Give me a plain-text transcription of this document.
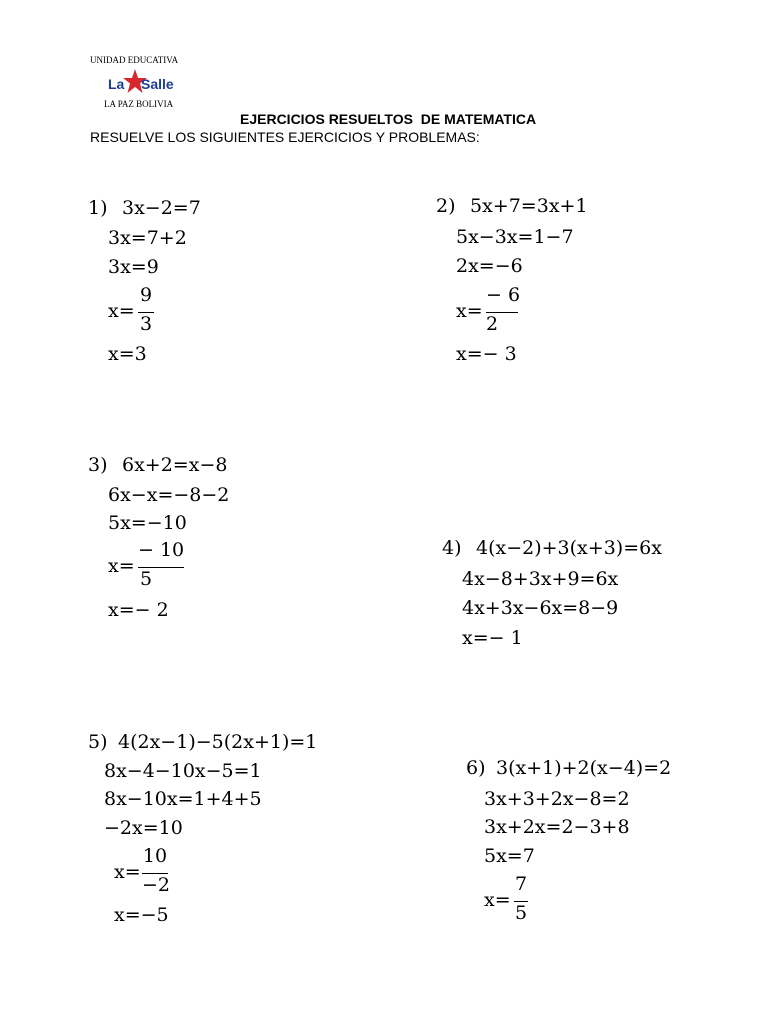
UNIDAD EDUCATIVA
La Salle
LA PAZ BOLIVIA
EJERCICIOS RESUELTOS  DE MATEMATICA
RESUELVE LOS SIGUIENTES EJERCICIOS Y PROBLEMAS:
1) 3x−2=7
3x=7+2
3x=9
x=
9
3
x=3
2) 5x+7=3x+1
5x−3x=1−7
2x=−6
x=
− 6
2
x=− 3
3) 6x+2=x−8
6x−x=−8−2
5x=−10
x=
− 10
5
x=− 2
4) 4(x−2)+3(x+3)=6x
4x−8+3x+9=6x
4x+3x−6x=8−9
x=− 1
5) 4(2x−1)−5(2x+1)=1
8x−4−10x−5=1
8x−10x=1+4+5
−2x=10
x=
10
−2
x=−5
6) 3(x+1)+2(x−4)=2
3x+3+2x−8=2
3x+2x=2−3+8
5x=7
x=
7
5
